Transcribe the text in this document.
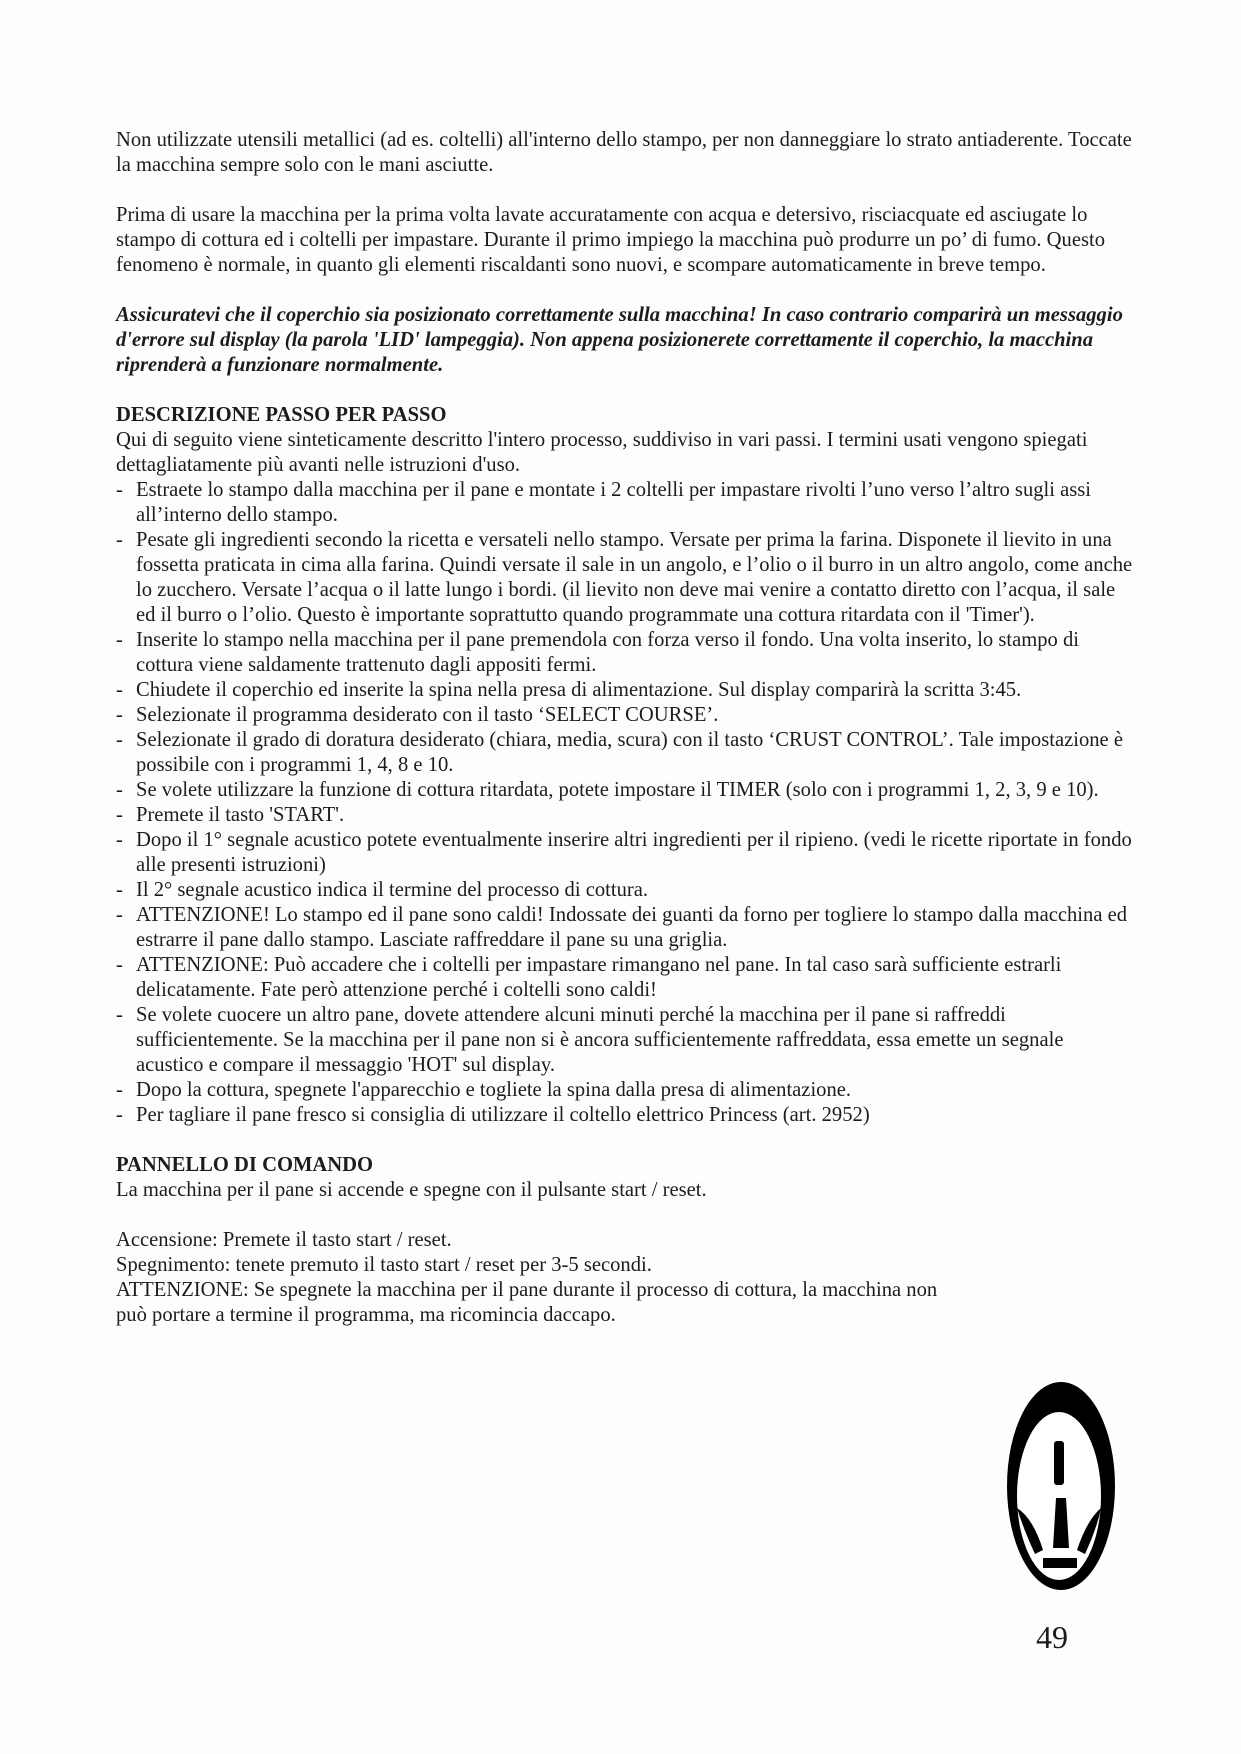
Non utilizzate utensili metallici (ad es. coltelli) all'interno dello stampo, per non danneggiare lo strato antiaderente. Toccate la macchina sempre solo con le mani asciutte.

Prima di usare la macchina per la prima volta lavate accuratamente con acqua e detersivo, risciacquate ed asciugate lo stampo di cottura ed i coltelli per impastare. Durante il primo impiego la macchina può produrre un po’ di fumo. Questo fenomeno è normale, in quanto gli elementi riscaldanti sono nuovi, e scompare automaticamente in breve tempo.

Assicuratevi che il coperchio sia posizionato correttamente sulla macchina! In caso contrario comparirà un messaggio d'errore sul display (la parola 'LID' lampeggia). Non appena posizionerete correttamente il coperchio, la macchina riprenderà a funzionare normalmente.

DESCRIZIONE PASSO PER PASSO

Qui di seguito viene sinteticamente descritto l'intero processo, suddiviso in vari passi. I termini usati vengono spiegati dettagliatamente più avanti nelle istruzioni d'uso.

- Estraete lo stampo dalla macchina per il pane e montate i 2 coltelli per impastare rivolti l’uno verso l’altro sugli assi all’interno dello stampo.
- Pesate gli ingredienti secondo la ricetta e versateli nello stampo. Versate per prima la farina. Disponete il lievito in una fossetta praticata in cima alla farina. Quindi versate il sale in un angolo, e l’olio o il burro in un altro angolo, come anche lo zucchero. Versate l’acqua o il latte lungo i bordi. (il lievito non deve mai venire a contatto diretto con l’acqua, il sale ed il burro o l’olio. Questo è importante soprattutto quando programmate una cottura ritardata con il 'Timer').
- Inserite lo stampo nella macchina per il pane premendola con forza verso il fondo. Una volta inserito, lo stampo di cottura viene saldamente trattenuto dagli appositi fermi.
- Chiudete il coperchio ed inserite la spina nella presa di alimentazione. Sul display comparirà la scritta 3:45.
- Selezionate il programma desiderato con il tasto ‘SELECT COURSE’.
- Selezionate il grado di doratura desiderato (chiara, media, scura) con il tasto ‘CRUST CONTROL’. Tale impostazione è possibile con i programmi 1, 4, 8 e 10.
- Se volete utilizzare la funzione di cottura ritardata, potete impostare il TIMER (solo con i programmi 1, 2, 3, 9 e 10).
- Premete il tasto 'START'.
- Dopo il 1° segnale acustico potete eventualmente inserire altri ingredienti per il ripieno. (vedi le ricette riportate in fondo alle presenti istruzioni)
- Il 2° segnale acustico indica il termine del processo di cottura.
- ATTENZIONE! Lo stampo ed il pane sono caldi! Indossate dei guanti da forno per togliere lo stampo dalla macchina ed estrarre il pane dallo stampo. Lasciate raffreddare il pane su una griglia.
- ATTENZIONE: Può accadere che i coltelli per impastare rimangano nel pane. In tal caso sarà sufficiente estrarli delicatamente. Fate però attenzione perché i coltelli sono caldi!
- Se volete cuocere un altro pane, dovete attendere alcuni minuti perché la macchina per il pane si raffreddi sufficientemente. Se la macchina per il pane non si è ancora sufficientemente raffreddata, essa emette un segnale acustico e compare il messaggio 'HOT' sul display.
- Dopo la cottura, spegnete l'apparecchio e togliete la spina dalla presa di alimentazione.
- Per tagliare il pane fresco si consiglia di utilizzare il coltello elettrico Princess (art. 2952)

PANNELLO DI COMANDO

La macchina per il pane si accende e spegne con il pulsante start / reset.

Accensione: Premete il tasto start / reset.

Spegnimento: tenete premuto il tasto start / reset per 3-5 secondi.

ATTENZIONE: Se spegnete la macchina per il pane durante il processo di cottura, la macchina non può portare a termine il programma, ma ricomincia daccapo.

49
